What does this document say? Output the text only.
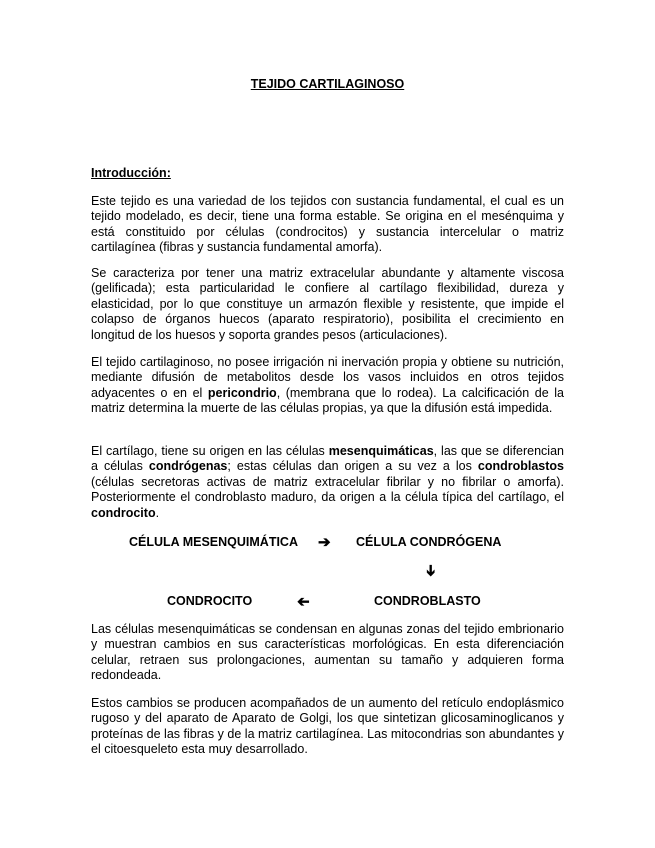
TEJIDO CARTILAGINOSO
Introducción:
Este tejido es una variedad de los tejidos con sustancia fundamental, el cual es un tejido modelado, es decir, tiene una forma estable. Se origina en el mesénquima y está constituido por células (condrocitos) y sustancia intercelular o matriz cartilagínea (fibras y sustancia fundamental amorfa).
Se caracteriza por tener una matriz extracelular abundante y altamente viscosa (gelificada); esta particularidad le confiere al cartílago flexibilidad, dureza y elasticidad, por lo que constituye un armazón flexible y resistente, que impide el colapso de órganos huecos (aparato respiratorio), posibilita el crecimiento en longitud de los huesos y soporta grandes pesos (articulaciones).
El tejido cartilaginoso, no posee irrigación ni inervación propia y obtiene su nutrición, mediante difusión de metabolitos desde los vasos incluidos en otros tejidos adyacentes o en el pericondrio, (membrana que lo rodea). La calcificación de la matriz determina la muerte de las células propias, ya que la difusión está impedida.
El cartílago, tiene su origen en las células mesenquimáticas, las que se diferencian a células condrógenas; estas células dan origen a su vez a los condroblastos (células secretoras activas de matriz extracelular fibrilar y no fibrilar o amorfa). Posteriormente el condroblasto maduro, da origen a la célula típica del cartílago, el condrocito.
CÉLULA MESENQUIMÁTICA ➔ CÉLULA CONDRÓGENA
➔
CONDROCITO	➔	CONDROBLASTO
Las células mesenquimáticas se condensan en algunas zonas del tejido embrionario y muestran cambios en sus características morfológicas. En esta diferenciación celular, retraen sus prolongaciones, aumentan su tamaño y adquieren forma redondeada.
Estos cambios se producen acompañados de un aumento del retículo endoplásmico rugoso y del aparato de Aparato de Golgi, los que sintetizan glicosaminoglicanos y proteínas de las fibras y de la matriz cartilagínea. Las mitocondrias son abundantes y el citoesqueleto esta muy desarrollado.
